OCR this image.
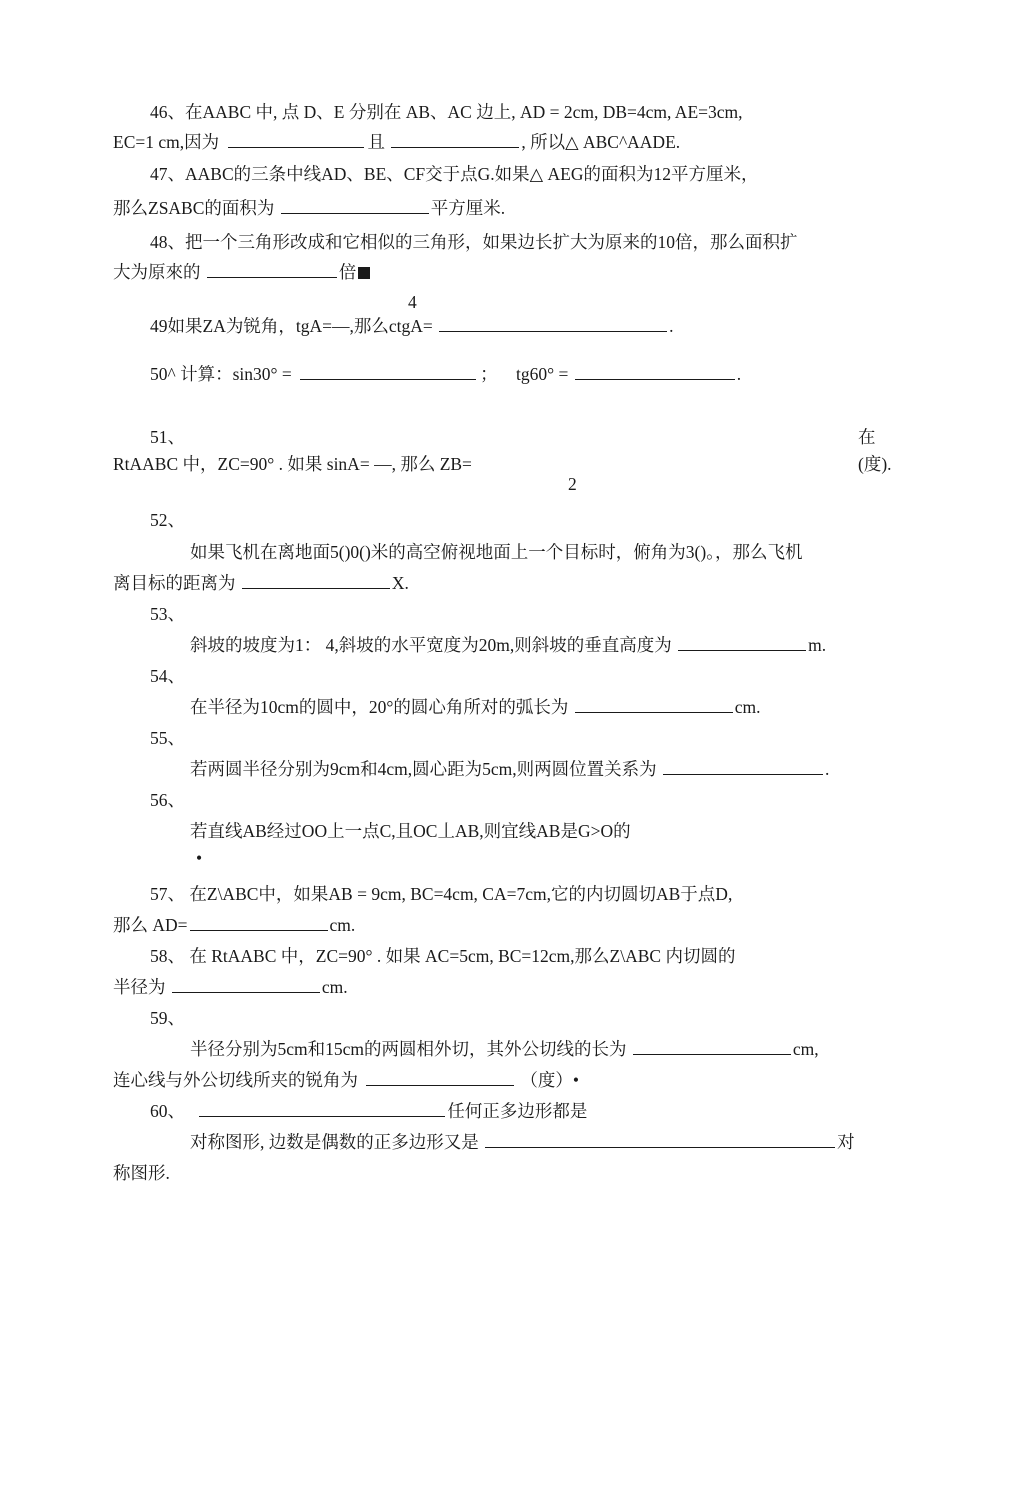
46、在AABC 中, 点 D、E 分别在 AB、AC 边上, AD = 2cm, DB=4cm, AE=3cm,
EC=1 cm,因为	且	, 所以△ ABC^AADE.
47、AABC的三条中线AD、BE、CF交于点G.如果△ AEG的面积为12平方厘米，
那么ZSABC的面积为	平方厘米.
48、把一个三角形改成和它相似的三角形，如果边长扩大为原来的10倍，那么面积扩
大为原來的	倍
4
49如果ZA为锐角，tgA=—,那么ctgA=	.
50^ 计算：sin30° =	； tg60° =	.
51、	在
RtAABC 中，ZC=90° . 如果 sinA= —, 那么 ZB=	(度).
2
52、
如果飞机在离地面5()0()米的高空俯视地面上一个目标时，俯角为3()。，那么飞机
离目标的距离为	X.
53、
斜坡的坡度为1： 4,斜坡的水平宽度为20m,则斜坡的垂直高度为	m.
54、
在半径为10cm的圆中，20°的圆心角所对的弧长为	cm.
55、
若两圆半径分别为9cm和4cm,圆心距为5cm,则两圆位置关系为	.
56、
若直线AB经过OO上一点C,且OC丄AB,则宜线AB是G>O的
•
57、 在Z\ABC中，如果AB = 9cm, BC=4cm, CA=7cm,它的内切圆切AB于点D,
那么 AD=	cm.
58、 在 RtAABC 中，ZC=90° . 如果 AC=5cm, BC=12cm,那么Z\ABC 内切圆的
半径为	cm.
59、
半径分别为5cm和15cm的两圆相外切，其外公切线的长为	cm,
连心线与外公切线所夹的锐角为	（度）•
60、	任何正多边形都是
对称图形, 边数是偶数的正多边形又是	对
称图形.
